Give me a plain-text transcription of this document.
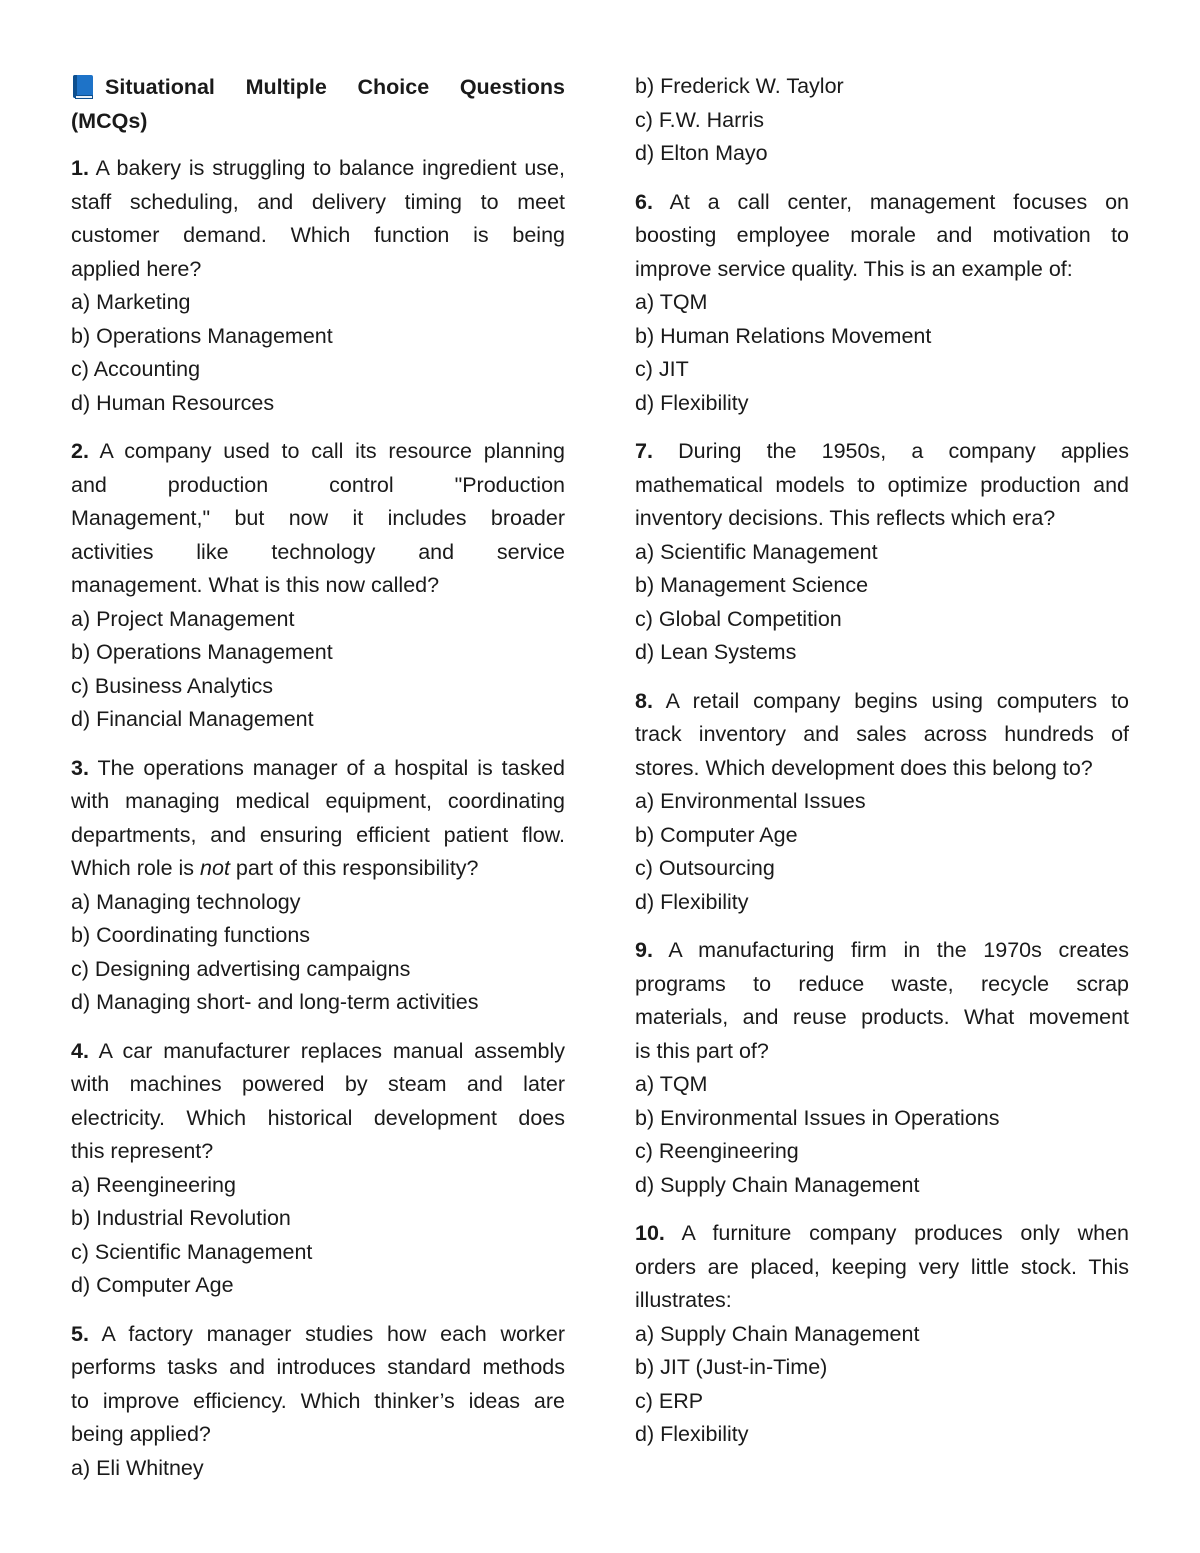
Situational Multiple Choice Questions
(MCQs)
1. A bakery is struggling to balance ingredient use,
staff scheduling, and delivery timing to meet
customer demand. Which function is being
applied here?
a) Marketing
b) Operations Management
c) Accounting
d) Human Resources
2. A company used to call its resource planning
and production control "Production
Management," but now it includes broader
activities like technology and service
management. What is this now called?
a) Project Management
b) Operations Management
c) Business Analytics
d) Financial Management
3. The operations manager of a hospital is tasked
with managing medical equipment, coordinating
departments, and ensuring efficient patient flow.
Which role is not part of this responsibility?
a) Managing technology
b) Coordinating functions
c) Designing advertising campaigns
d) Managing short- and long-term activities
4. A car manufacturer replaces manual assembly
with machines powered by steam and later
electricity. Which historical development does
this represent?
a) Reengineering
b) Industrial Revolution
c) Scientific Management
d) Computer Age
5. A factory manager studies how each worker
performs tasks and introduces standard methods
to improve efficiency. Which thinker’s ideas are
being applied?
a) Eli Whitney
b) Frederick W. Taylor
c) F.W. Harris
d) Elton Mayo
6. At a call center, management focuses on
boosting employee morale and motivation to
improve service quality. This is an example of:
a) TQM
b) Human Relations Movement
c) JIT
d) Flexibility
7. During the 1950s, a company applies
mathematical models to optimize production and
inventory decisions. This reflects which era?
a) Scientific Management
b) Management Science
c) Global Competition
d) Lean Systems
8. A retail company begins using computers to
track inventory and sales across hundreds of
stores. Which development does this belong to?
a) Environmental Issues
b) Computer Age
c) Outsourcing
d) Flexibility
9. A manufacturing firm in the 1970s creates
programs to reduce waste, recycle scrap
materials, and reuse products. What movement
is this part of?
a) TQM
b) Environmental Issues in Operations
c) Reengineering
d) Supply Chain Management
10. A furniture company produces only when
orders are placed, keeping very little stock. This
illustrates:
a) Supply Chain Management
b) JIT (Just-in-Time)
c) ERP
d) Flexibility
